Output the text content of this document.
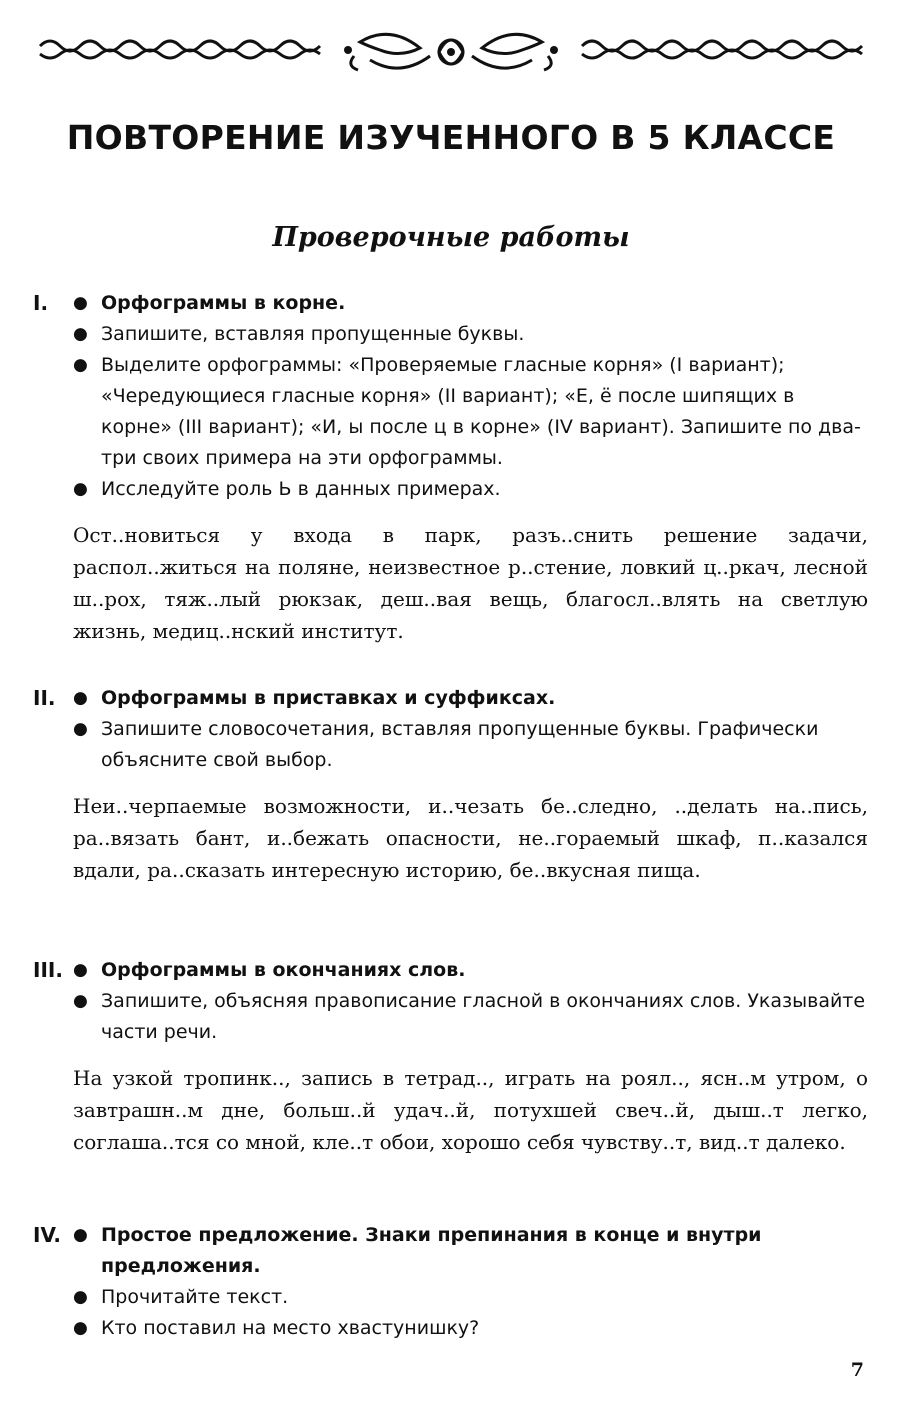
ПОВТОРЕНИЕ ИЗУЧЕННОГО В 5 КЛАССЕ
Проверочные работы
I. ● Орфограммы в корне.
● Запишите, вставляя пропущенные буквы.
● Выделите орфограммы: «Проверяемые гласные корня» (I вариант); «Чередующиеся гласные корня» (II вариант); «Е, ё после шипящих в корне» (III вариант); «И, ы после ц в корне» (IV вариант). Запишите по два-три своих примера на эти орфограммы.
● Исследуйте роль Ь в данных примерах.
Ост..новиться у входа в парк, разъ..снить решение задачи, распол..житься на поляне, неизвестное р..стение, ловкий ц..ркач, лесной ш..рох, тяж..лый рюкзак, деш..вая вещь, благосл..влять на светлую жизнь, медиц..нский институт.
II. ● Орфограммы в приставках и суффиксах.
● Запишите словосочетания, вставляя пропущенные буквы. Графически объясните свой выбор.
Неи..черпаемые возможности, и..чезать бе..следно, ..делать на..пись, ра..вязать бант, и..бежать опасности, не..гораемый шкаф, п..казался вдали, ра..сказать интересную историю, бе..вкусная пища.
III. ● Орфограммы в окончаниях слов.
● Запишите, объясняя правописание гласной в окончаниях слов. Указывайте части речи.
На узкой тропинк.., запись в тетрад.., играть на роял.., ясн..м утром, о завтрашн..м дне, больш..й удач..й, потухшей свеч..й, дыш..т легко, соглаша..тся со мной, кле..т обои, хорошо себя чувству..т, вид..т далеко.
IV. ● Простое предложение. Знаки препинания в конце и внутри предложения.
● Прочитайте текст.
● Кто поставил на место хвастунишку?
7
